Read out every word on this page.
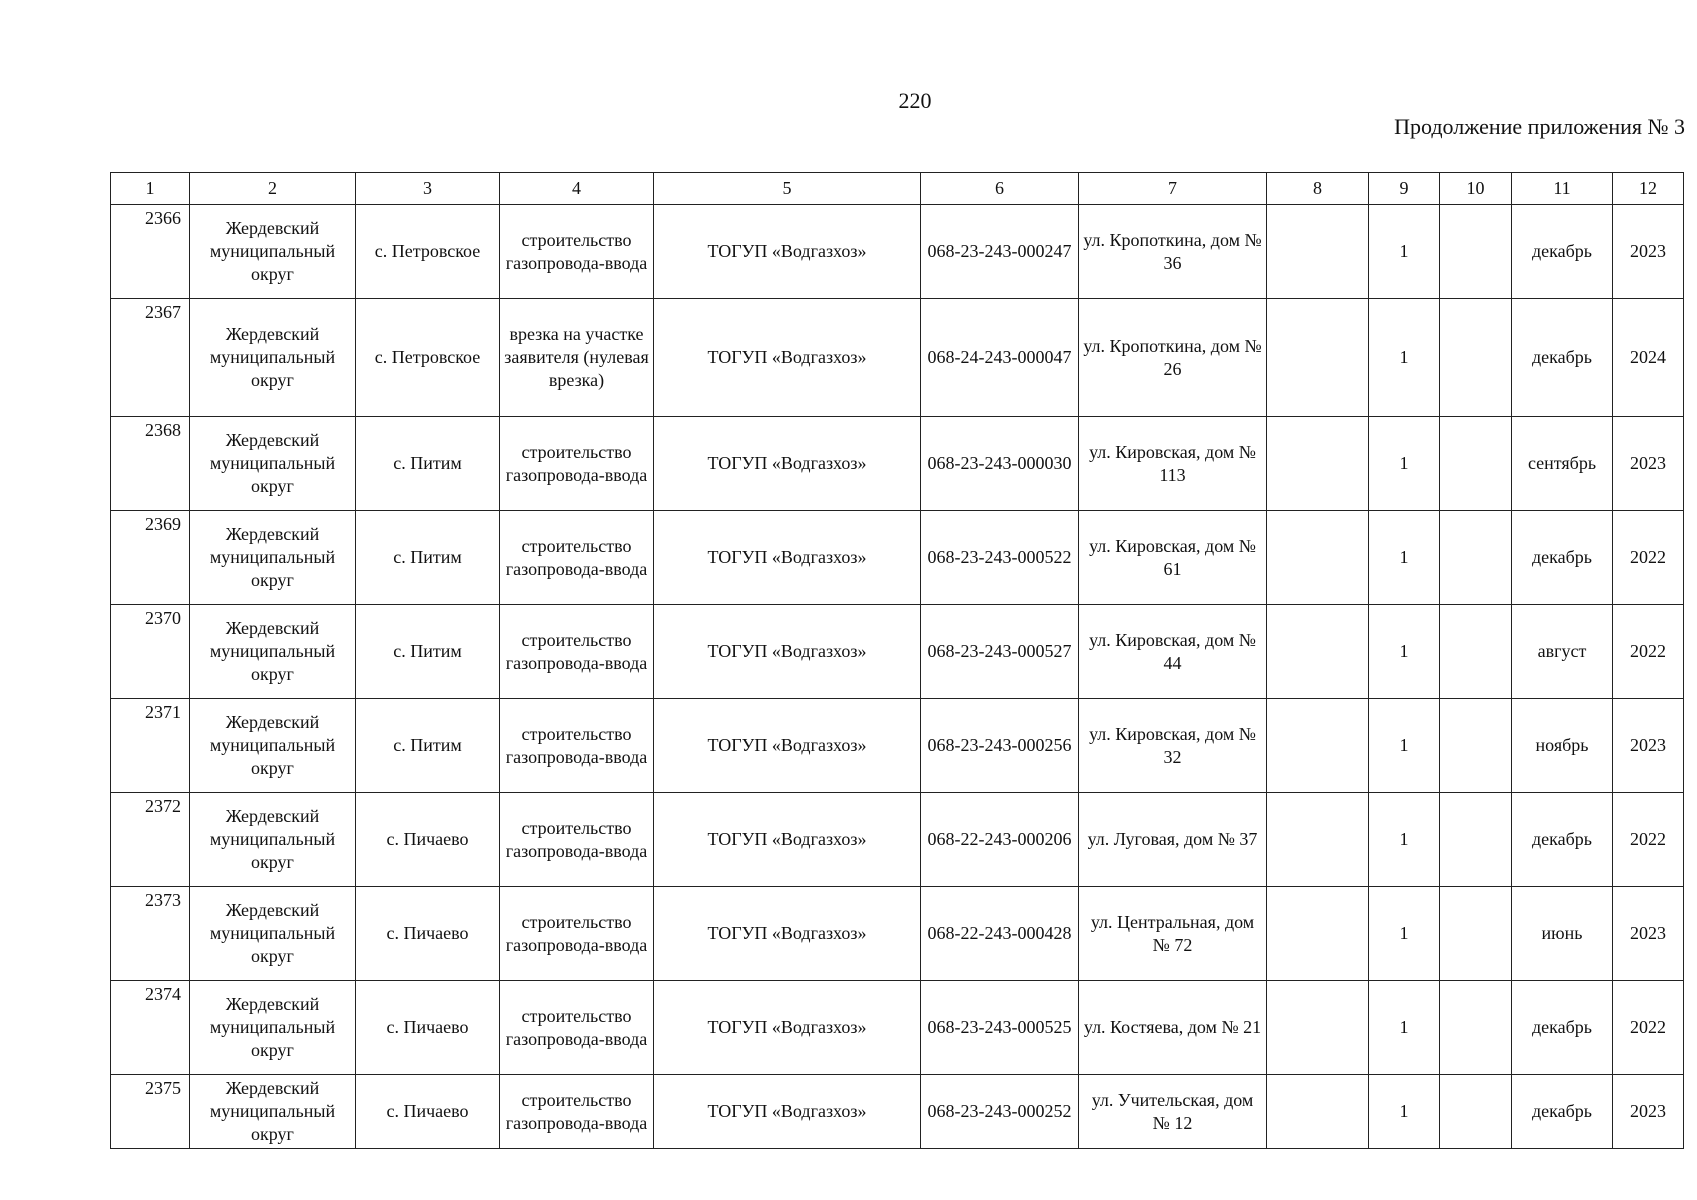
220
Продолжение приложения № 3
1	2	3	4	5	6	7	8	9	10	11	12
2366	Жердевский муниципальный округ	с. Петровское	строительство газопровода-ввода	ТОГУП «Водгазхоз»	068-23-243-000247	ул. Кропоткина, дом № 36		1		декабрь	2023
2367	Жердевский муниципальный округ	с. Петровское	врезка на участке заявителя (нулевая врезка)	ТОГУП «Водгазхоз»	068-24-243-000047	ул. Кропоткина, дом № 26		1		декабрь	2024
2368	Жердевский муниципальный округ	с. Питим	строительство газопровода-ввода	ТОГУП «Водгазхоз»	068-23-243-000030	ул. Кировская, дом № 113		1		сентябрь	2023
2369	Жердевский муниципальный округ	с. Питим	строительство газопровода-ввода	ТОГУП «Водгазхоз»	068-23-243-000522	ул. Кировская, дом № 61		1		декабрь	2022
2370	Жердевский муниципальный округ	с. Питим	строительство газопровода-ввода	ТОГУП «Водгазхоз»	068-23-243-000527	ул. Кировская, дом № 44		1		август	2022
2371	Жердевский муниципальный округ	с. Питим	строительство газопровода-ввода	ТОГУП «Водгазхоз»	068-23-243-000256	ул. Кировская, дом № 32		1		ноябрь	2023
2372	Жердевский муниципальный округ	с. Пичаево	строительство газопровода-ввода	ТОГУП «Водгазхоз»	068-22-243-000206	ул. Луговая, дом № 37		1		декабрь	2022
2373	Жердевский муниципальный округ	с. Пичаево	строительство газопровода-ввода	ТОГУП «Водгазхоз»	068-22-243-000428	ул. Центральная, дом № 72		1		июнь	2023
2374	Жердевский муниципальный округ	с. Пичаево	строительство газопровода-ввода	ТОГУП «Водгазхоз»	068-23-243-000525	ул. Костяева, дом № 21		1		декабрь	2022
2375	Жердевский муниципальный округ	с. Пичаево	строительство газопровода-ввода	ТОГУП «Водгазхоз»	068-23-243-000252	ул. Учительская, дом № 12		1		декабрь	2023
